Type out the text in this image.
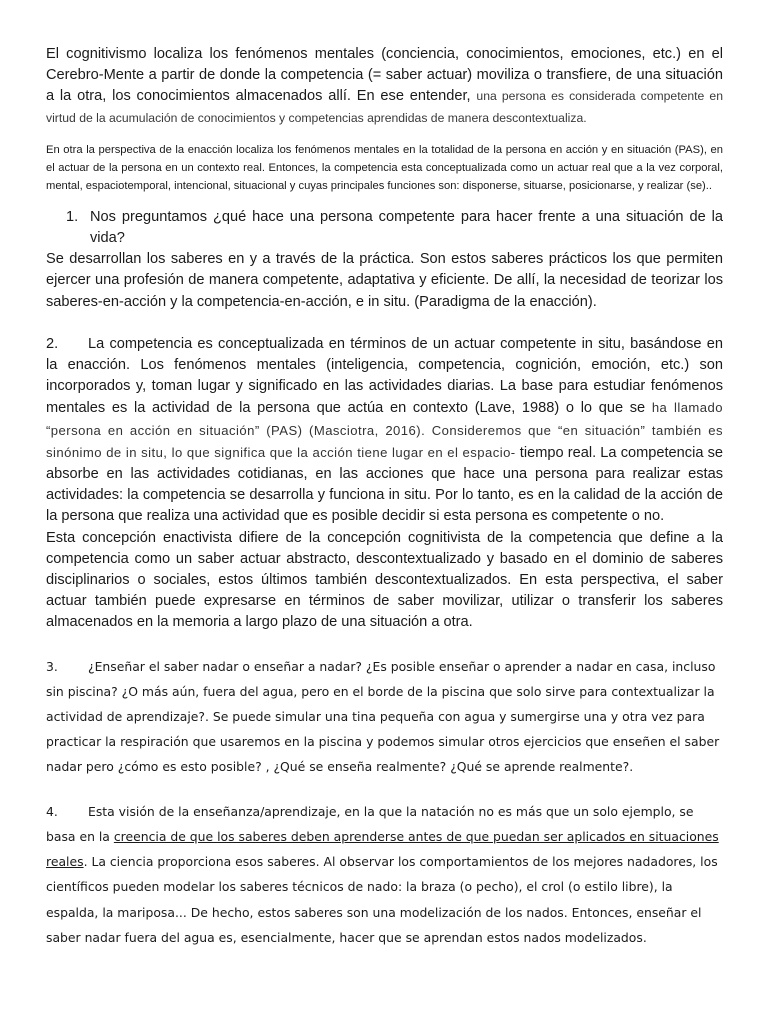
El cognitivismo localiza los fenómenos mentales (conciencia, conocimientos, emociones, etc.) en el Cerebro-Mente a partir de donde la competencia (= saber actuar) moviliza o transfiere, de una situación a la otra, los conocimientos almacenados allí. En ese entender, una persona es considerada competente en virtud de la acumulación de conocimientos y competencias aprendidas de manera descontextualiza.

En otra la perspectiva de la enacción localiza los fenómenos mentales en la totalidad de la persona en acción y en situación (PAS), en el actuar de la persona en un contexto real. Entonces, la competencia esta conceptualizada como un actuar real que a la vez corporal, mental, espaciotemporal, intencional, situacional y cuyas principales funciones son: disponerse, situarse, posicionarse, y realizar (se)..

1. Nos preguntamos ¿qué hace una persona competente para hacer frente a una situación de la vida?

Se desarrollan los saberes en y a través de la práctica. Son estos saberes prácticos los que permiten ejercer una profesión de manera competente, adaptativa y eficiente. De allí, la necesidad de teorizar los saberes-en-acción y la competencia-en-acción, e in situ. (Paradigma de la enacción).

2. La competencia es conceptualizada en términos de un actuar competente in situ, basándose en la enacción. Los fenómenos mentales (inteligencia, competencia, cognición, emoción, etc.) son incorporados y, toman lugar y significado en las actividades diarias. La base para estudiar fenómenos mentales es la actividad de la persona que actúa en contexto (Lave, 1988) o lo que se ha llamado “persona en acción en situación” (PAS) (Masciotra, 2016). Consideremos que “en situación” también es sinónimo de in situ, lo que significa que la acción tiene lugar en el espacio- tiempo real. La competencia se absorbe en las actividades cotidianas, en las acciones que hace una persona para realizar estas actividades: la competencia se desarrolla y funciona in situ. Por lo tanto, es en la calidad de la acción de la persona que realiza una actividad que es posible decidir si esta persona es competente o no.

Esta concepción enactivista difiere de la concepción cognitivista de la competencia que define a la competencia como un saber actuar abstracto, descontextualizado y basado en el dominio de saberes disciplinarios o sociales, estos últimos también descontextualizados. En esta perspectiva, el saber actuar también puede expresarse en términos de saber movilizar, utilizar o transferir los saberes almacenados en la memoria a largo plazo de una situación a otra.

3. ¿Enseñar el saber nadar o enseñar a nadar? ¿Es posible enseñar o aprender a nadar en casa, incluso sin piscina? ¿O más aún, fuera del agua, pero en el borde de la piscina que solo sirve para contextualizar la actividad de aprendizaje?. Se puede simular una tina pequeña con agua y sumergirse una y otra vez para practicar la respiración que usaremos en la piscina y podemos simular otros ejercicios que enseñen el saber nadar pero ¿cómo es esto posible? , ¿Qué se enseña realmente? ¿Qué se aprende realmente?.
4. Esta visión de la enseñanza/aprendizaje, en la que la natación no es más que un solo ejemplo, se basa en la creencia de que los saberes deben aprenderse antes de que puedan ser aplicados en situaciones reales. La ciencia proporciona esos saberes. Al observar los comportamientos de los mejores nadadores, los científicos pueden modelar los saberes técnicos de nado: la braza (o pecho), el crol (o estilo libre), la espalda, la mariposa... De hecho, estos saberes son una modelización de los nados. Entonces, enseñar el saber nadar fuera del agua es, esencialmente, hacer que se aprendan estos nados modelizados.
